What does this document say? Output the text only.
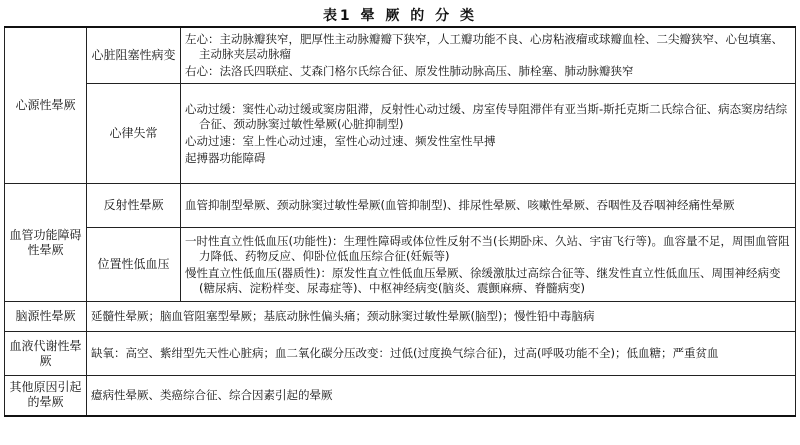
表1 晕 厥 的 分 类
心源性晕厥	心脏阻塞性病变	左心：主动脉瓣狭窄，肥厚性主动脉瓣瓣下狭窄，人工瓣功能不良、心房粘液瘤或球瓣血栓、二尖瓣狭窄、心包填塞、主动脉夹层动脉瘤
右心：法洛氏四联症、艾森门格尔氏综合征、原发性肺动脉高压、肺栓塞、肺动脉瓣狭窄

	心律失常	心动过缓：窦性心动过缓或窦房阻滞，反射性心动过缓、房室传导阻滞伴有亚当斯-斯托克斯二氏综合征、病态窦房结综合征、颈动脉窦过敏性晕厥(心脏抑制型)
心动过速：室上性心动过速，室性心动过速、频发性室性早搏
起搏器功能障碍

血管功能障碍性晕厥	反射性晕厥	血管抑制型晕厥、颈动脉窦过敏性晕厥(血管抑制型)、排尿性晕厥、咳嗽性晕厥、吞咽性及吞咽神经痛性晕厥
	位置性低血压	一时性直立性低血压(功能性)：生理性障碍或体位性反射不当(长期卧床、久站、宇宙飞行等)。血容量不足，周围血管阻力降低、药物反应、仰卧位低血压综合征(妊娠等)
慢性直立性低血压(器质性)：原发性直立性低血压晕厥、徐缓激肽过高综合征等、继发性直立性低血压、周围神经病变(糖尿病、淀粉样变、尿毒症等)、中枢神经病变(脑炎、震颤麻痹、脊髓病变)

脑源性晕厥	延髓性晕厥；脑血管阻塞型晕厥；基底动脉性偏头痛；颈动脉窦过敏性晕厥(脑型)；慢性铅中毒脑病	
血液代谢性晕厥	缺氧：高空、紫绀型先天性心脏病；血二氧化碳分压改变：过低(过度换气综合征)，过高(呼吸功能不全)；低血糖；严重贫血	
其他原因引起的晕厥	癔病性晕厥、类癌综合征、综合因素引起的晕厥	
